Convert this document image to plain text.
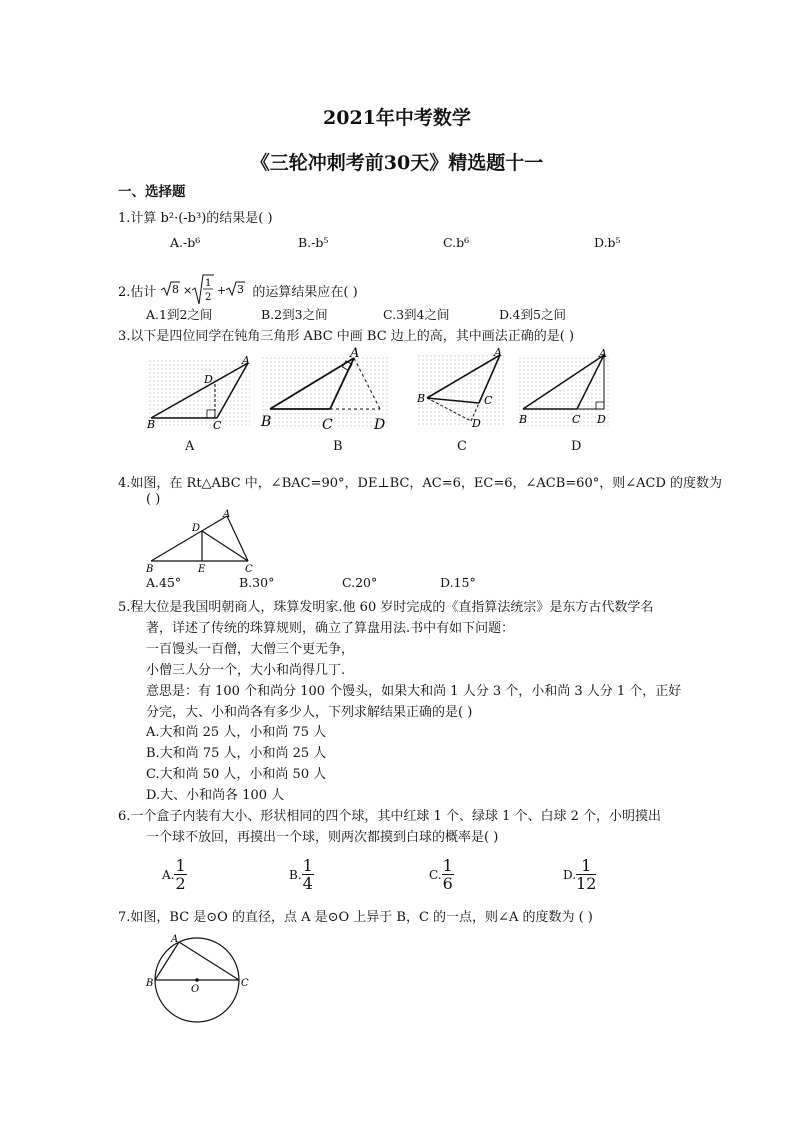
2021年中考数学
《三轮冲刺考前30天》精选题十一
一、选择题
1.计算 b²·(-b³)的结果是( )
A.-b⁶	B.-b⁵	C.b⁶	D.b⁵
2.估计 8 ×
1
2
+ 3 的运算结果应在( )
A.1到2之间	B.2到3之间	C.3到4之间	D.4到5之间
3.以下是四位同学在钝角三角形 ABC 中画 BC 边上的高，其中画法正确的是( )
A
B	C
D
A
A
B	C	D
B
A
B	C
D
C
A
B	C D
D
4.如图，在 Rt△ABC 中，∠BAC=90°，DE⊥BC，AC=6，EC=6，∠ACB=60°，则∠ACD 的度数为
( )
A
B	C
D
E
A.45°	B.30°	C.20°	D.15°
5.程大位是我国明朝商人，珠算发明家.他 60 岁时完成的《直指算法统宗》是东方古代数学名
著，详述了传统的珠算规则，确立了算盘用法.书中有如下问题：
一百馒头一百僧，大僧三个更无争，
小僧三人分一个，大小和尚得几丁.
意思是：有 100 个和尚分 100 个馒头，如果大和尚 1 人分 3 个，小和尚 3 人分 1 个，正好
分完，大、小和尚各有多少人，下列求解结果正确的是( )
A.大和尚 25 人，小和尚 75 人
B.大和尚 75 人，小和尚 25 人
C.大和尚 50 人，小和尚 50 人
D.大、小和尚各 100 人
6.一个盒子内装有大小、形状相同的四个球，其中红球 1 个、绿球 1 个、白球 2 个，小明摸出
一个球不放回，再摸出一个球，则两次都摸到白球的概率是( )
A. $\frac{1}{2}$	B. $\frac{1}{4}$	C. $\frac{1}{6}$	D. $\frac{1}{12}$
7.如图，BC 是⊙O 的直径，点 A 是⊙O 上异于 B，C 的一点，则∠A 的度数为 ( )
A
B	C
O
